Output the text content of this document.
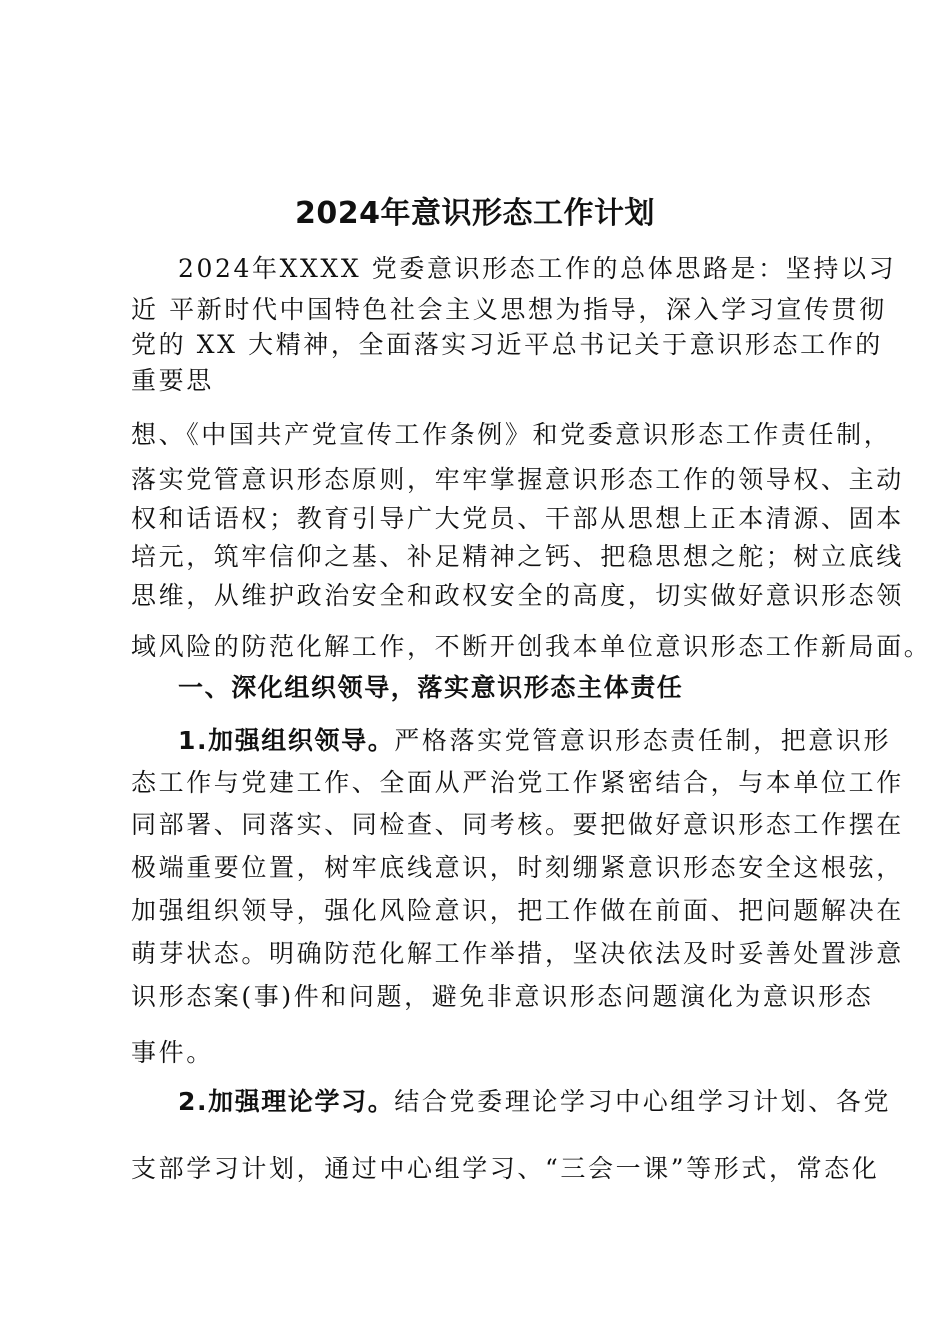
2024年意识形态工作计划
2024年XXXX 党委意识形态工作的总体思路是：坚持以习
近 平新时代中国特色社会主义思想为指导，深入学习宣传贯彻
党的 XX 大精神，全面落实习近平总书记关于意识形态工作的
重要思
想、《中国共产党宣传工作条例》和党委意识形态工作责任制，
落实党管意识形态原则，牢牢掌握意识形态工作的领导权、主动
权和话语权；教育引导广大党员、干部从思想上正本清源、固本
培元，筑牢信仰之基、补足精神之钙、把稳思想之舵；树立底线
思维，从维护政治安全和政权安全的高度，切实做好意识形态领
域风险的防范化解工作，不断开创我本单位意识形态工作新局面。
一、深化组织领导，落实意识形态主体责任
1.加强组织领导。严格落实党管意识形态责任制，把意识形
态工作与党建工作、全面从严治党工作紧密结合，与本单位工作
同部署、同落实、同检查、同考核。要把做好意识形态工作摆在
极端重要位置，树牢底线意识，时刻绷紧意识形态安全这根弦，
加强组织领导，强化风险意识，把工作做在前面、把问题解决在
萌芽状态。明确防范化解工作举措，坚决依法及时妥善处置涉意
识形态案(事)件和问题，避免非意识形态问题演化为意识形态
事件。
2.加强理论学习。结合党委理论学习中心组学习计划、各党
支部学习计划，通过中心组学习、“三会一课”等形式，常态化
